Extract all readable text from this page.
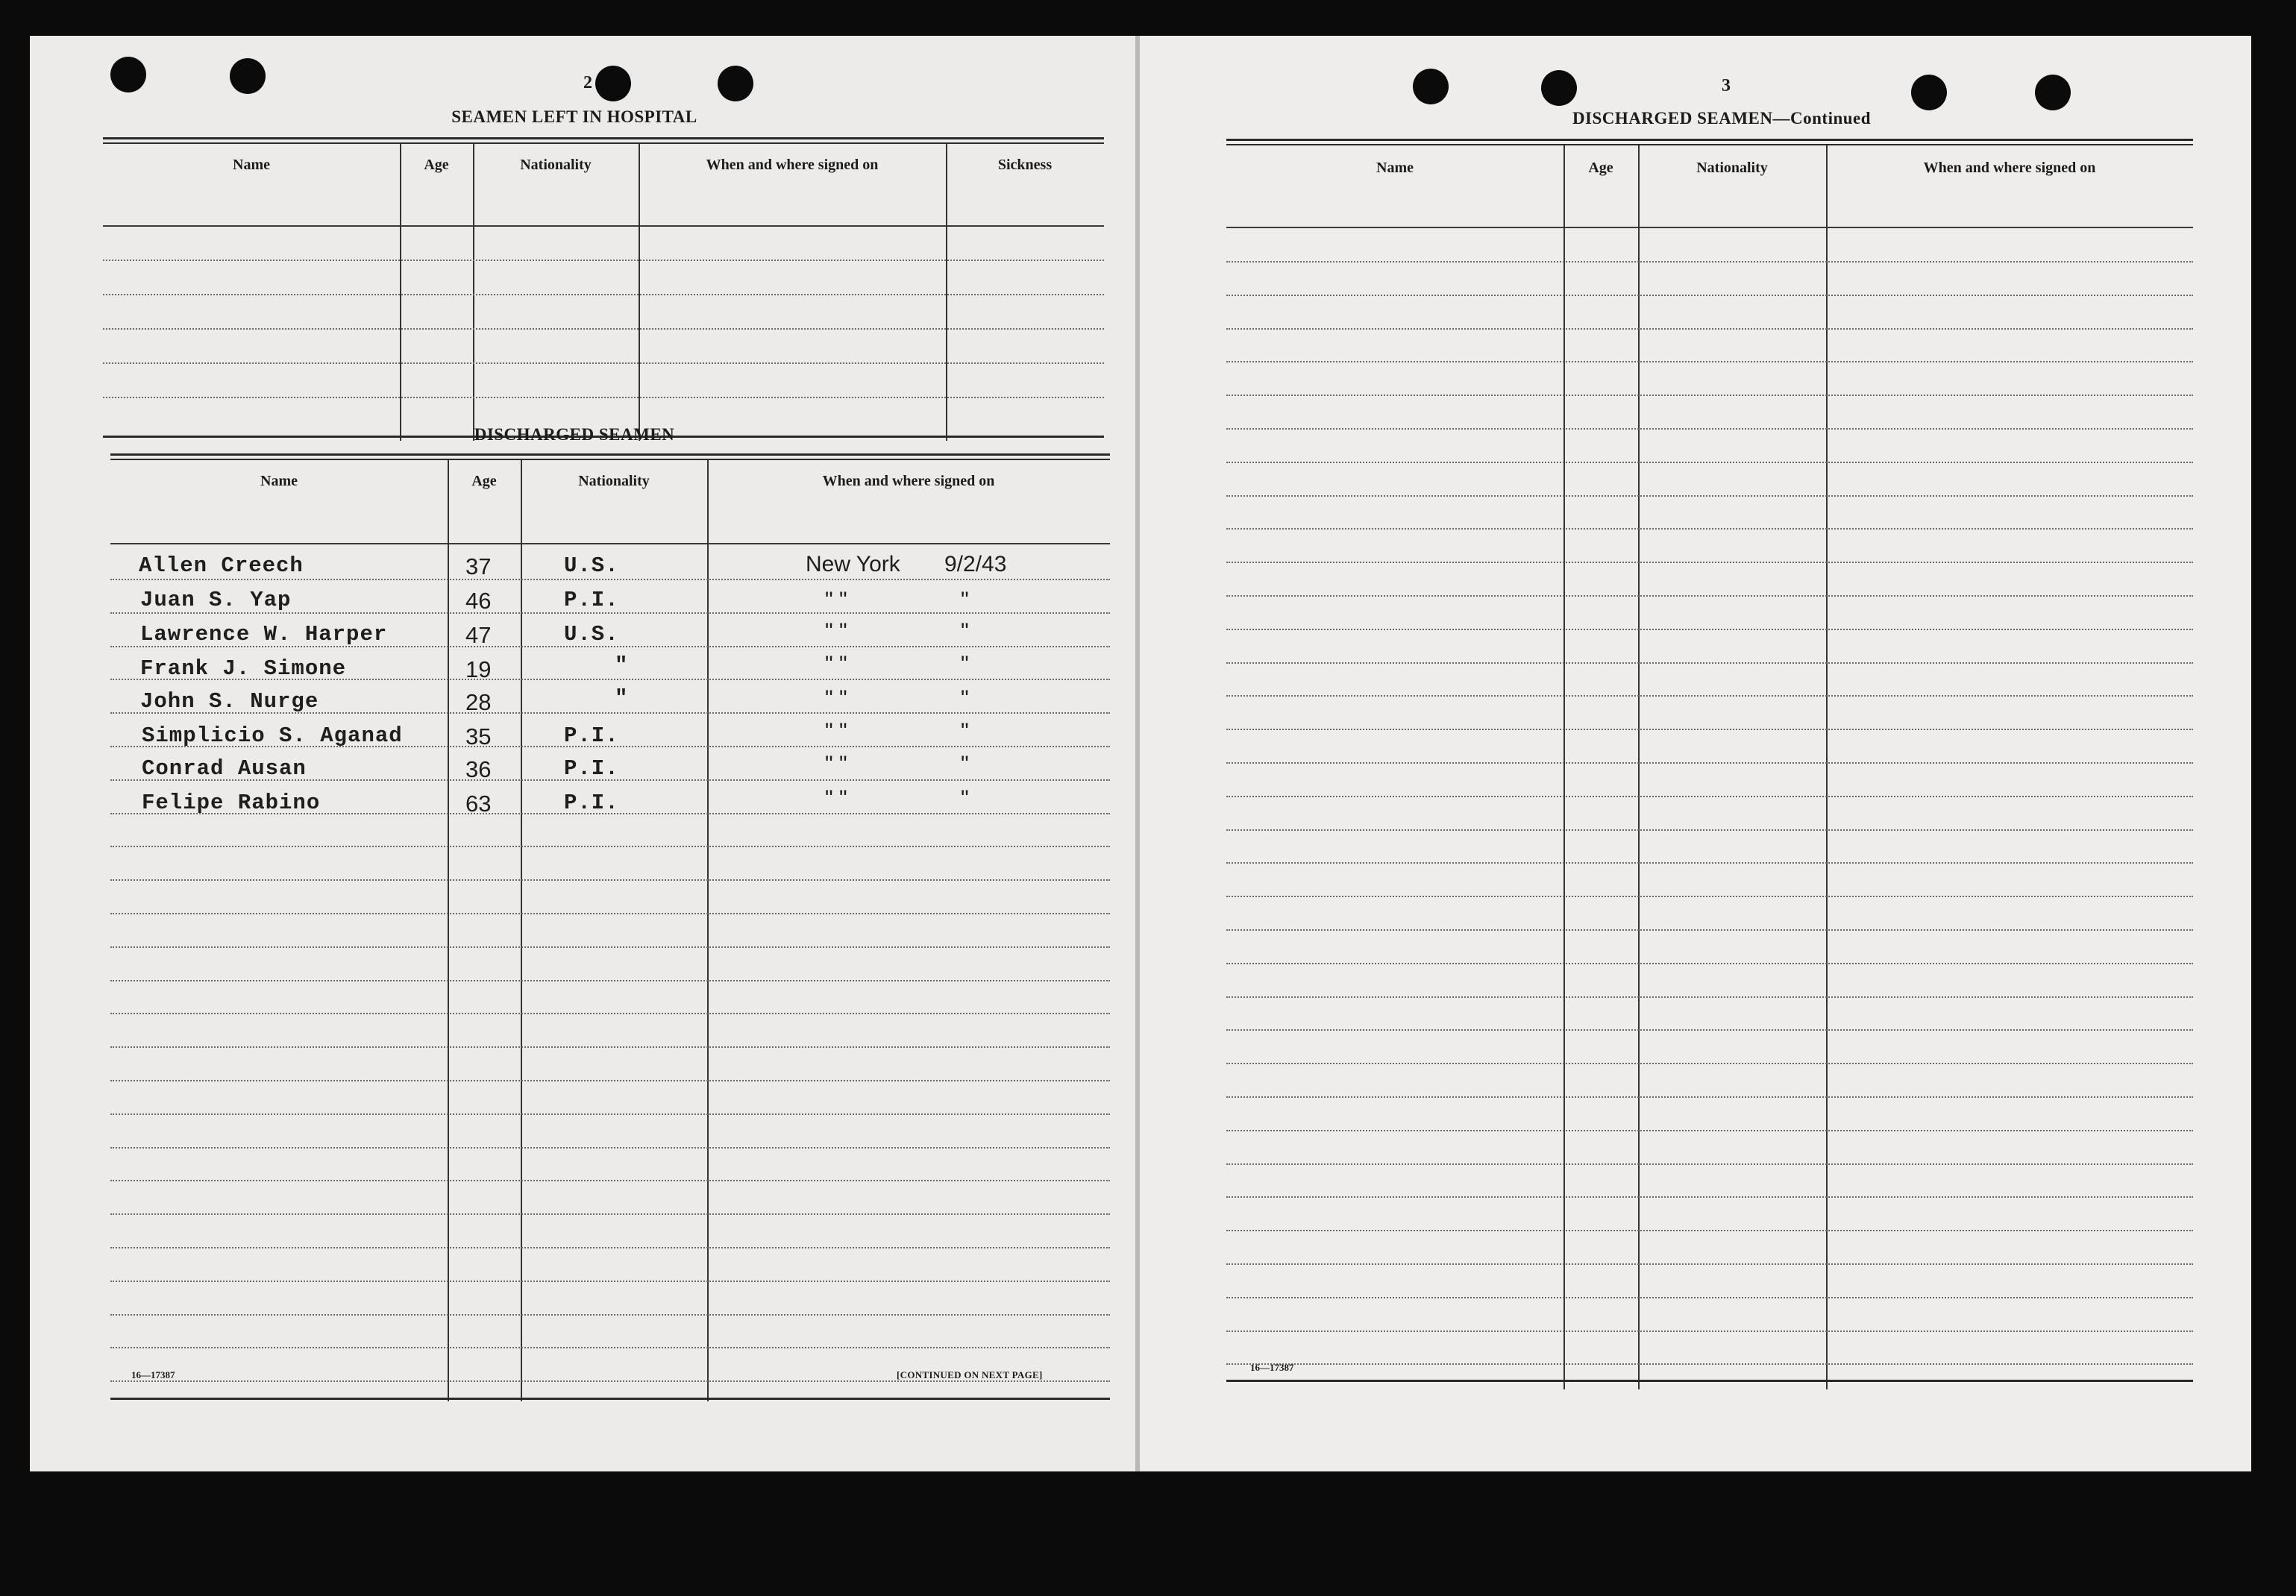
2
SEAMEN LEFT IN HOSPITAL
Name	Age	Nationality	When and where signed on	Sickness
DISCHARGED SEAMEN
Name	Age	Nationality	When and where signed on
Allen Creech	37	U.S.	New York 9/2/43
Juan S. Yap	46	P.I.	" "	"
Lawrence W. Harper	47	U.S.	" "	"
Frank J. Simone	19	"	" "	"
John S. Nurge	28	"	" "	"
Simplicio S. Aganad	35	P.I.	" "	"
Conrad Ausan	36	P.I.	" "	"
Felipe Rabino	63	P.I.	" "	"
16—17387	[CONTINUED ON NEXT PAGE]
3
DISCHARGED SEAMEN—Continued
Name	Age	Nationality	When and where signed on
16—17387
